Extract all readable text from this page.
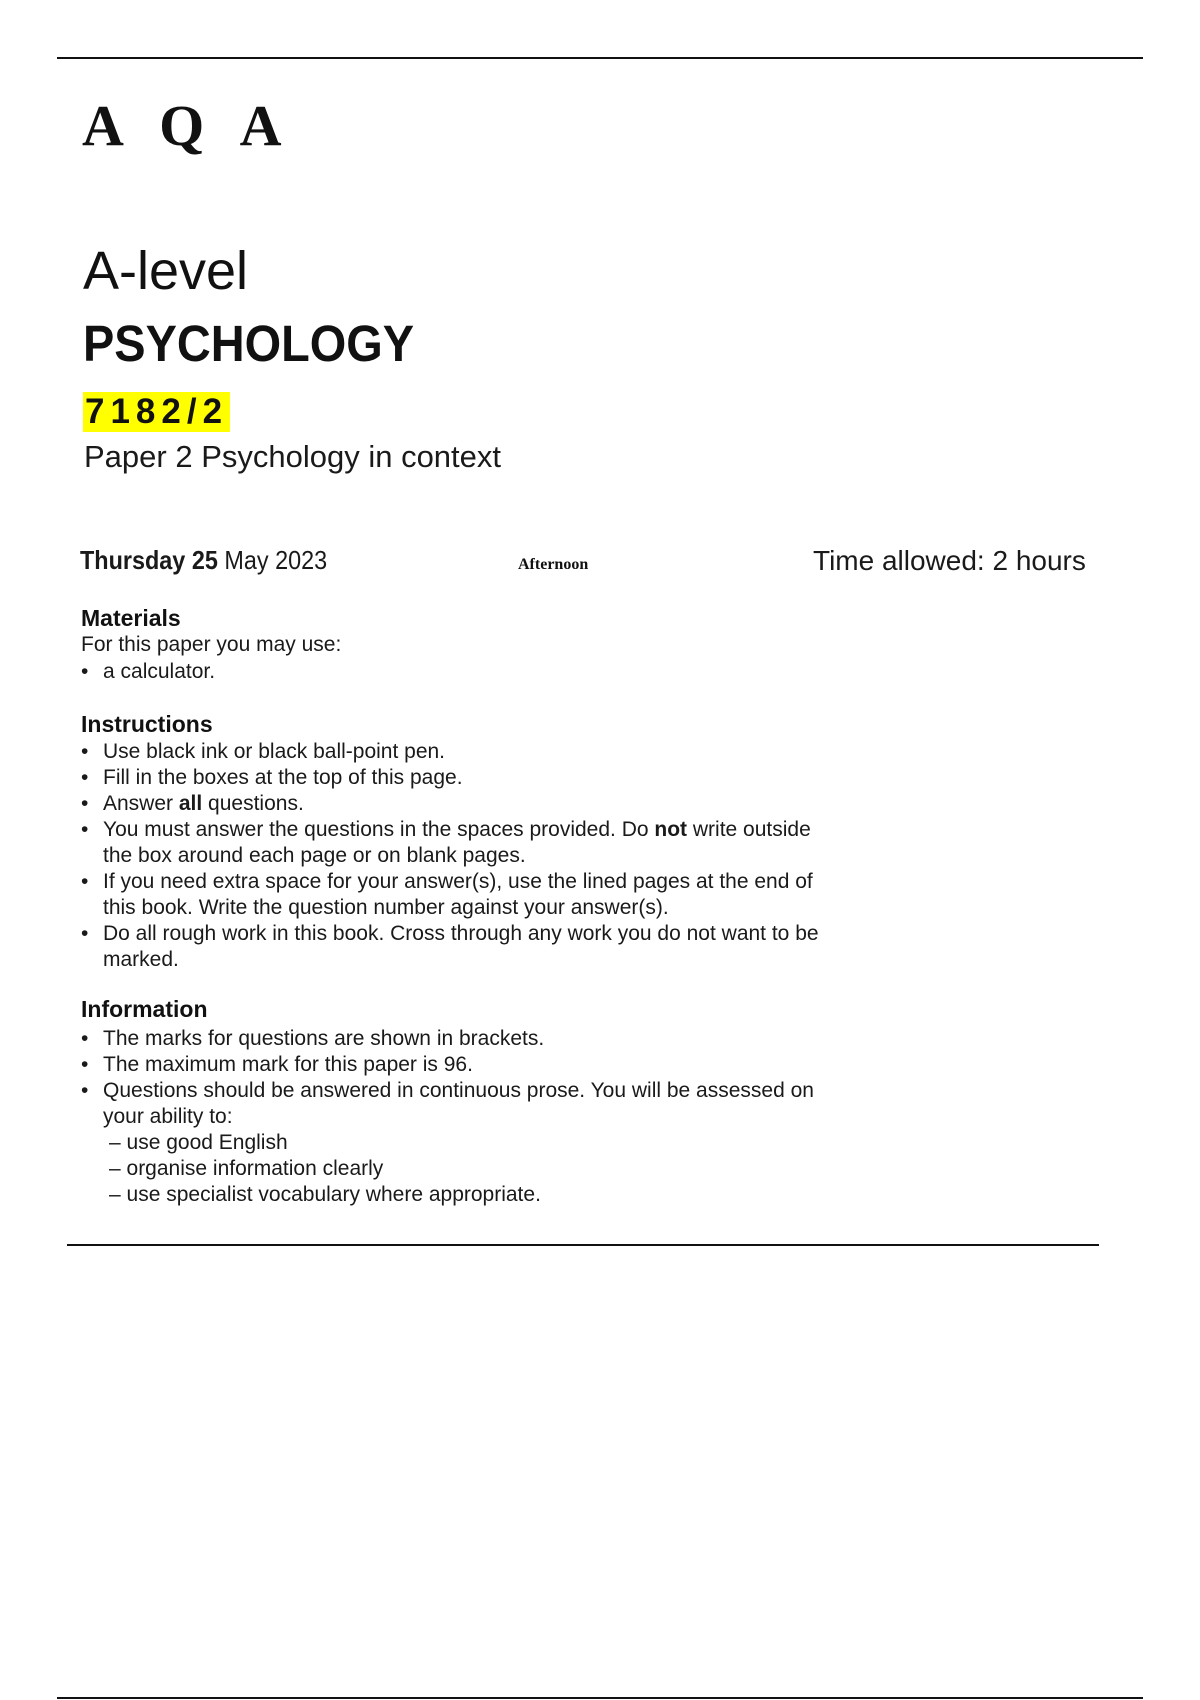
A Q A
A-level
PSYCHOLOGY
7182/2
Paper 2 Psychology in context
Thursday 25 May 2023	Afternoon	Time allowed: 2 hours
Materials
For this paper you may use:
• a calculator.
Instructions
• Use black ink or black ball-point pen.
• Fill in the boxes at the top of this page.
• Answer all questions.
• You must answer the questions in the spaces provided. Do not write outside the box around each page or on blank pages.
• If you need extra space for your answer(s), use the lined pages at the end of this book. Write the question number against your answer(s).
• Do all rough work in this book. Cross through any work you do not want to be marked.
Information
• The marks for questions are shown in brackets.
• The maximum mark for this paper is 96.
• Questions should be answered in continuous prose. You will be assessed on your ability to:
– use good English
– organise information clearly
– use specialist vocabulary where appropriate.
